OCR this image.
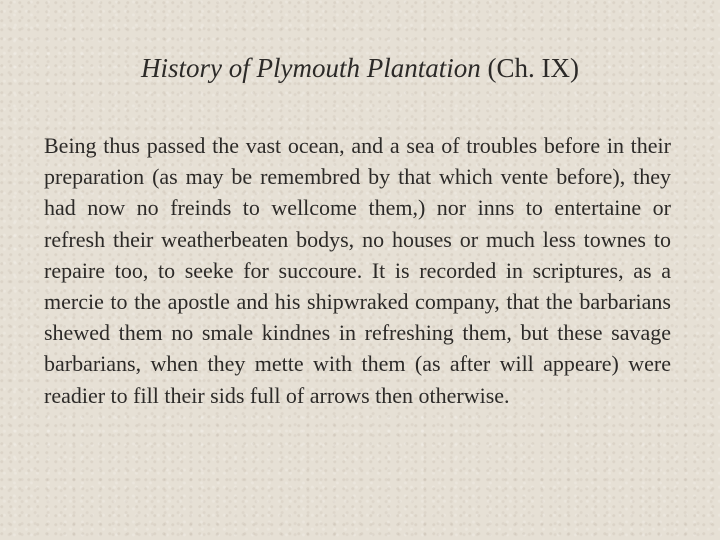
History of Plymouth Plantation (Ch. IX)

Being thus passed the vast ocean, and a sea of troubles before in their preparation (as may be remembred by that which vente before), they had now no freinds to wellcome them,) nor inns to entertaine or refresh their weatherbeaten bodys, no houses or much less townes to repaire too, to seeke for succoure. It is recorded in scriptures, as a mercie to the apostle and his shipwraked company, that the barbarians shewed them no smale kindnes in refreshing them, but these savage barbarians, when they mette with them (as after will appeare) were readier to fill their sids full of arrows then otherwise.
